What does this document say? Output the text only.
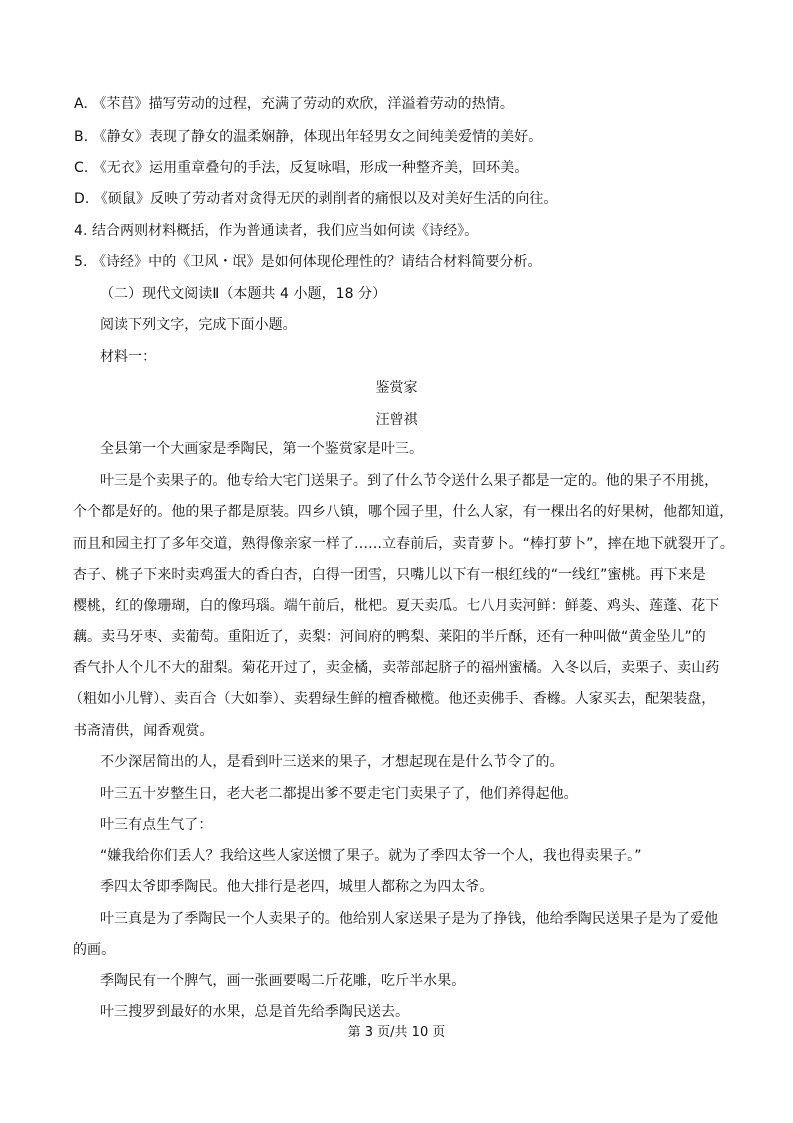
A. 《芣苢》描写劳动的过程，充满了劳动的欢欣，洋溢着劳动的热情。
B. 《静女》表现了静女的温柔娴静，体现出年轻男女之间纯美爱情的美好。
C. 《无衣》运用重章叠句的手法，反复咏唱，形成一种整齐美，回环美。
D. 《硕鼠》反映了劳动者对贪得无厌的剥削者的痛恨以及对美好生活的向往。
4. 结合两则材料概括，作为普通读者，我们应当如何读《诗经》。
5. 《诗经》中的《卫风・氓》是如何体现伦理性的？请结合材料简要分析。
（二）现代文阅读Ⅱ（本题共 4 小题，18 分）
阅读下列文字，完成下面小题。
材料一：
鉴赏家
汪曾祺
全县第一个大画家是季陶民，第一个鉴赏家是叶三。
叶三是个卖果子的。他专给大宅门送果子。到了什么节令送什么果子都是一定的。他的果子不用挑，
个个都是好的。他的果子都是原装。四乡八镇，哪个园子里，什么人家，有一棵出名的好果树，他都知道，
而且和园主打了多年交道，熟得像亲家一样了……立春前后，卖青萝卜。“棒打萝卜”，摔在地下就裂开了。
杏子、桃子下来时卖鸡蛋大的香白杏，白得一团雪，只嘴儿以下有一根红线的“一线红”蜜桃。再下来是
樱桃，红的像珊瑚，白的像玛瑙。端午前后，枇杷。夏天卖瓜。七八月卖河鲜：鲜菱、鸡头、莲蓬、花下
藕。卖马牙枣、卖葡萄。重阳近了，卖梨：河间府的鸭梨、莱阳的半斤酥，还有一种叫做“黄金坠儿”的
香气扑人个儿不大的甜梨。菊花开过了，卖金橘，卖蒂部起脐子的福州蜜橘。入冬以后，卖栗子、卖山药
（粗如小儿臂）、卖百合（大如拳）、卖碧绿生鲜的檀香橄榄。他还卖佛手、香橼。人家买去，配架装盘，
书斋清供，闻香观赏。
不少深居简出的人，是看到叶三送来的果子，才想起现在是什么节令了的。
叶三五十岁整生日，老大老二都提出爹不要走宅门卖果子了，他们养得起他。
叶三有点生气了：
“嫌我给你们丢人？我给这些人家送惯了果子。就为了季四太爷一个人，我也得卖果子。”
季四太爷即季陶民。他大排行是老四，城里人都称之为四太爷。
叶三真是为了季陶民一个人卖果子的。他给别人家送果子是为了挣钱，他给季陶民送果子是为了爱他
的画。
季陶民有一个脾气，画一张画要喝二斤花雕，吃斤半水果。
叶三搜罗到最好的水果，总是首先给季陶民送去。
第 3 页/共 10 页
